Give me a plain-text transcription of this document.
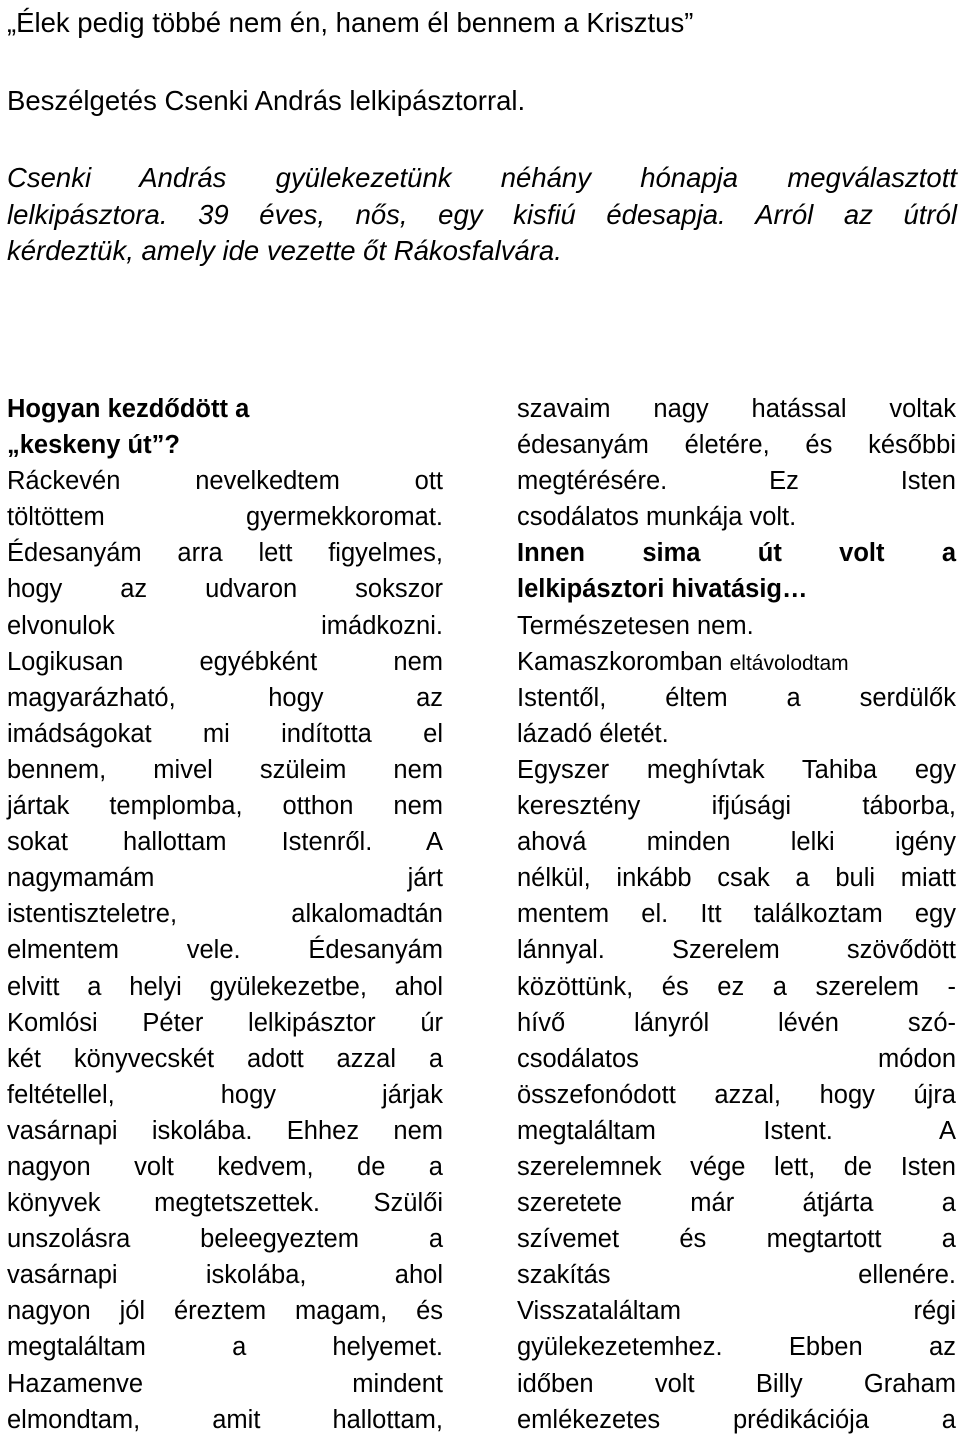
„Élek pedig többé nem én, hanem él bennem a Krisztus”

Beszélgetés Csenki András lelkipásztorral.

Csenki András gyülekezetünk néhány hónapja megválasztott
lelkipásztora. 39 éves, nős, egy kisfiú édesapja. Arról az útról
kérdeztük, amely ide vezette őt Rákosfalvára.
Hogyan kezdődött a
„keskeny út”?
Ráckevén nevelkedtem ott
töltöttem gyermekkoromat.
Édesanyám arra lett figyelmes,
hogy az udvaron sokszor
elvonulok imádkozni.
Logikusan egyébként nem
magyarázható, hogy az
imádságokat mi indította el
bennem, mivel szüleim nem
jártak templomba, otthon nem
sokat hallottam Istenről. A
nagymamám járt
istentiszteletre, alkalomadtán
elmentem vele. Édesanyám
elvitt a helyi gyülekezetbe, ahol
Komlósi Péter lelkipásztor úr
két könyvecskét adott azzal a
feltétellel, hogy járjak
vasárnapi iskolába. Ehhez nem
nagyon volt kedvem, de a
könyvek megtetszettek. Szülői
unszolásra beleegyeztem a
vasárnapi iskolába, ahol
nagyon jól éreztem magam, és
megtaláltam a helyemet.
Hazamenve mindent
elmondtam, amit hallottam,
szavaim nagy hatással voltak
édesanyám életére, és későbbi
megtérésére. Ez Isten
csodálatos munkája volt.
Innen sima út volt a
lelkipásztori hivatásig…
Természetesen nem.
Kamaszkoromban eltávolodtam
Istentől, éltem a serdülők
lázadó életét.
Egyszer meghívtak Tahiba egy
keresztény ifjúsági táborba,
ahová minden lelki igény
nélkül, inkább csak a buli miatt
mentem el. Itt találkoztam egy
lánnyal. Szerelem szövődött
közöttünk, és ez a szerelem -
hívő lányról lévén szó-
csodálatos módon
összefonódott azzal, hogy újra
megtaláltam Istent. A
szerelemnek vége lett, de Isten
szeretete már átjárta a
szívemet és megtartott a
szakítás ellenére.
Visszataláltam régi
gyülekezetemhez. Ebben az
időben volt Billy Graham
emlékezetes prédikációja a
